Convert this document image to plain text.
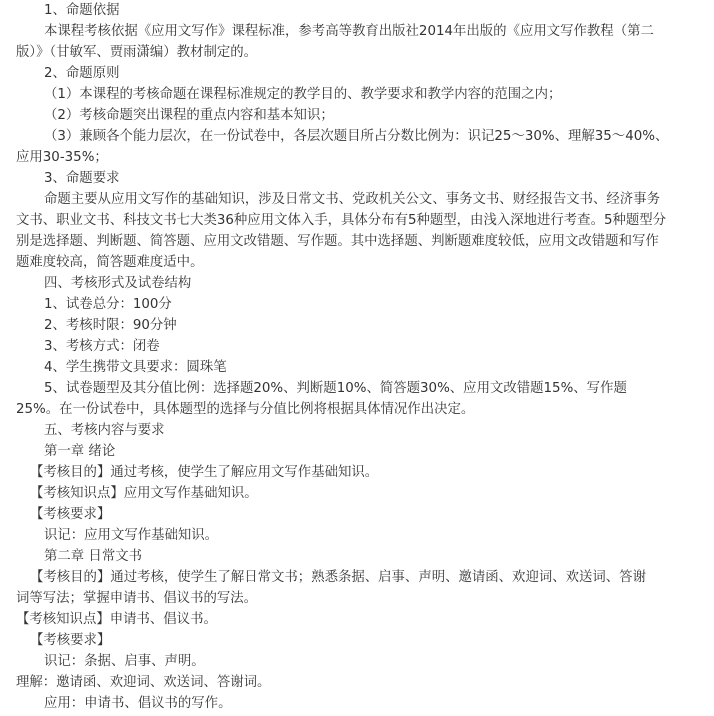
1、命题依据
本课程考核依据《应用文写作》课程标准，参考高等教育出版社2014年出版的《应用文写作教程（第二
版）》（甘敏军、贾雨潇编）教材制定的。
2、命题原则
（1）本课程的考核命题在课程标准规定的教学目的、教学要求和教学内容的范围之内；
（2）考核命题突出课程的重点内容和基本知识；
（3）兼顾各个能力层次，在一份试卷中，各层次题目所占分数比例为：识记25～30%、理解35～40%、
应用30-35%；
3、命题要求
命题主要从应用文写作的基础知识，涉及日常文书、党政机关公文、事务文书、财经报告文书、经济事务
文书、职业文书、科技文书七大类36种应用文体入手，具体分布有5种题型，由浅入深地进行考查。5种题型分
别是选择题、判断题、简答题、应用文改错题、写作题。其中选择题、判断题难度较低，应用文改错题和写作
题难度较高，简答题难度适中。
四、考核形式及试卷结构
1、试卷总分：100分
2、考核时限：90分钟
3、考核方式：闭卷
4、学生携带文具要求：圆珠笔
5、试卷题型及其分值比例：选择题20%、判断题10%、简答题30%、应用文改错题15%、写作题
25%。在一份试卷中，具体题型的选择与分值比例将根据具体情况作出决定。
五、考核内容与要求
第一章 绪论
【考核目的】通过考核，使学生了解应用文写作基础知识。
【考核知识点】应用文写作基础知识。
【考核要求】
识记：应用文写作基础知识。
第二章 日常文书
【考核目的】通过考核，使学生了解日常文书；熟悉条据、启事、声明、邀请函、欢迎词、欢送词、答谢
词等写法；掌握申请书、倡议书的写法。
【考核知识点】申请书、倡议书。
【考核要求】
识记：条据、启事、声明。
理解：邀请函、欢迎词、欢送词、答谢词。
应用：申请书、倡议书的写作。
